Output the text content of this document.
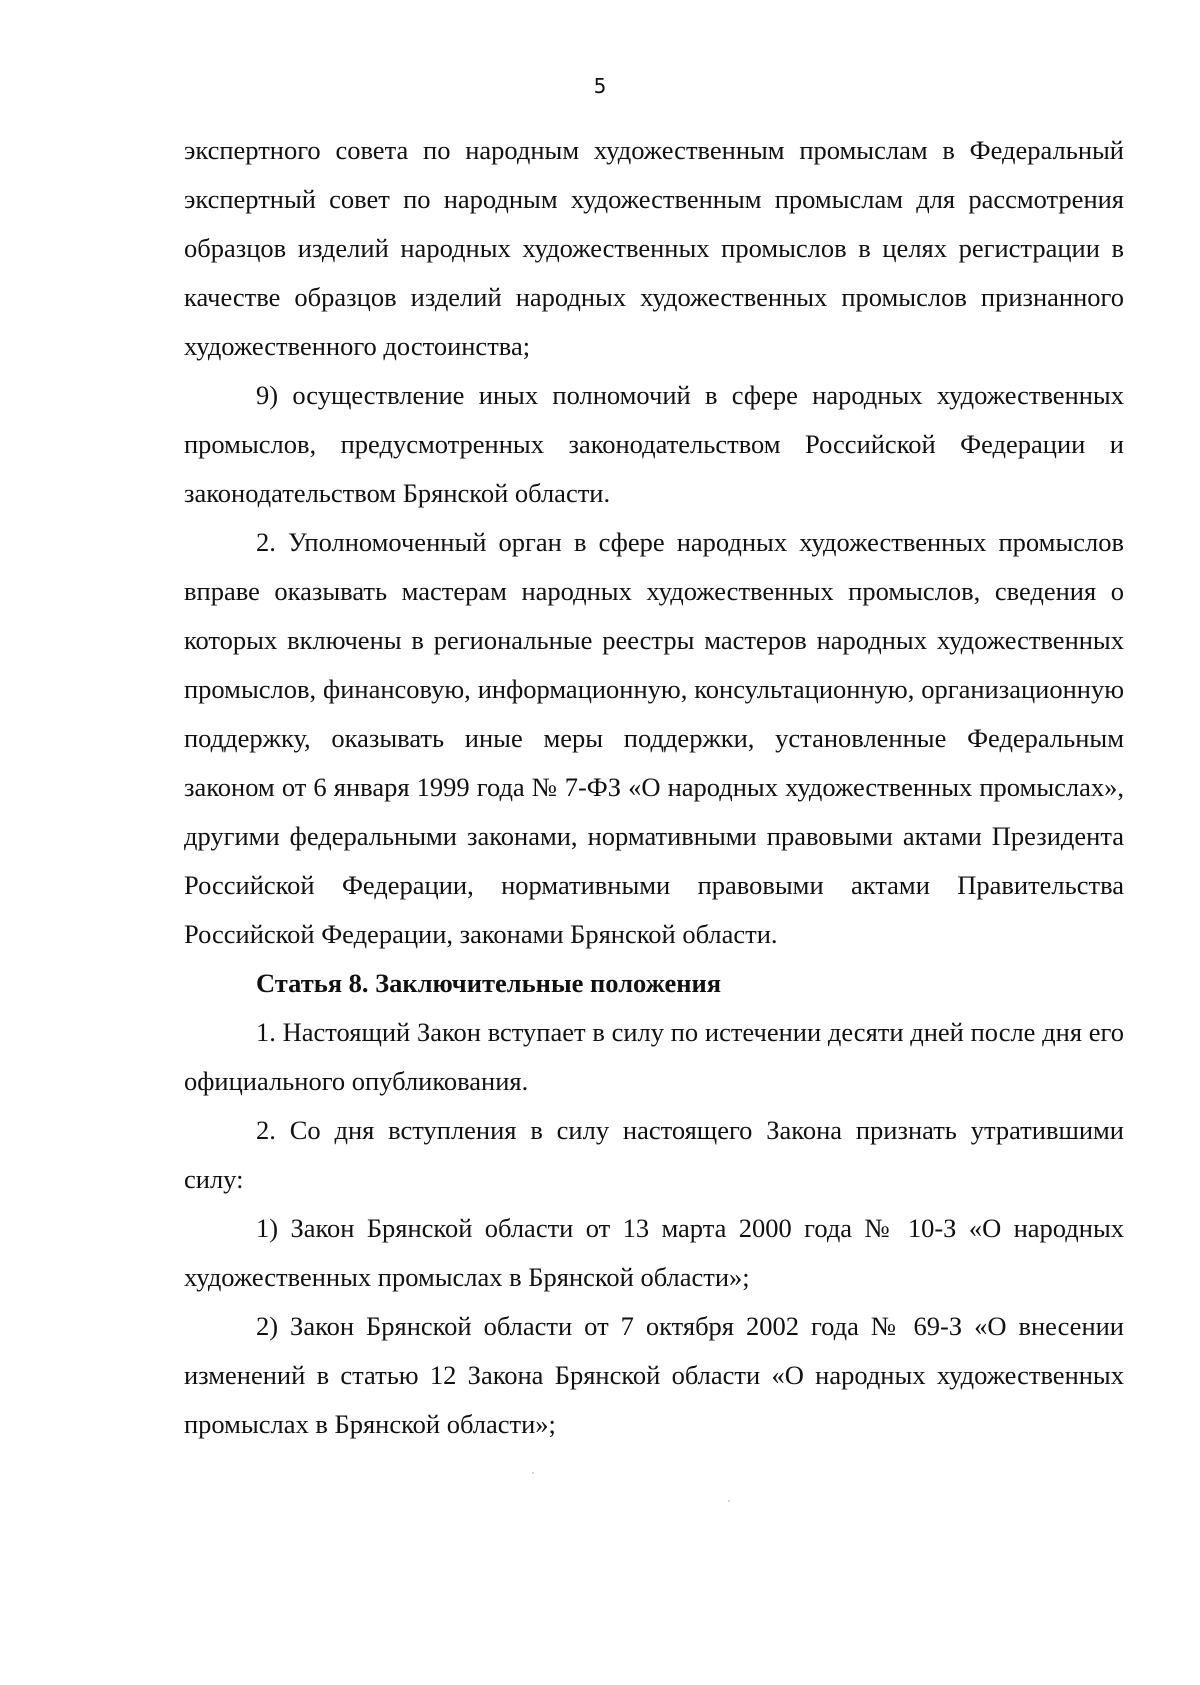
5

экспертного совета по народным художественным промыслам в Федеральный экспертный совет по народным художественным промыслам для рассмотрения образцов изделий народных художественных промыслов в целях регистрации в качестве образцов изделий народных художественных промыслов признанного художественного достоинства;

9) осуществление иных полномочий в сфере народных художественных промыслов, предусмотренных законодательством Российской Федерации и законодательством Брянской области.

2. Уполномоченный орган в сфере народных художественных промыслов вправе оказывать мастерам народных художественных промыслов, сведения о которых включены в региональные реестры мастеров народных художественных промыслов, финансовую, информационную, консультационную, организационную поддержку, оказывать иные меры поддержки, установленные Федеральным законом от 6 января 1999 года № 7-ФЗ «О народных художественных промыслах», другими федеральными законами, нормативными правовыми актами Президента Российской Федерации, нормативными правовыми актами Правительства Российской Федерации, законами Брянской области.

Статья 8. Заключительные положения

1. Настоящий Закон вступает в силу по истечении десяти дней после дня его официального опубликования.

2. Со дня вступления в силу настоящего Закона признать утратившими силу:

1) Закон Брянской области от 13 марта 2000 года № 10-З «О народных художественных промыслах в Брянской области»;

2) Закон Брянской области от 7 октября 2002 года № 69-З «О внесении изменений в статью 12 Закона Брянской области «О народных художественных промыслах в Брянской области»;
